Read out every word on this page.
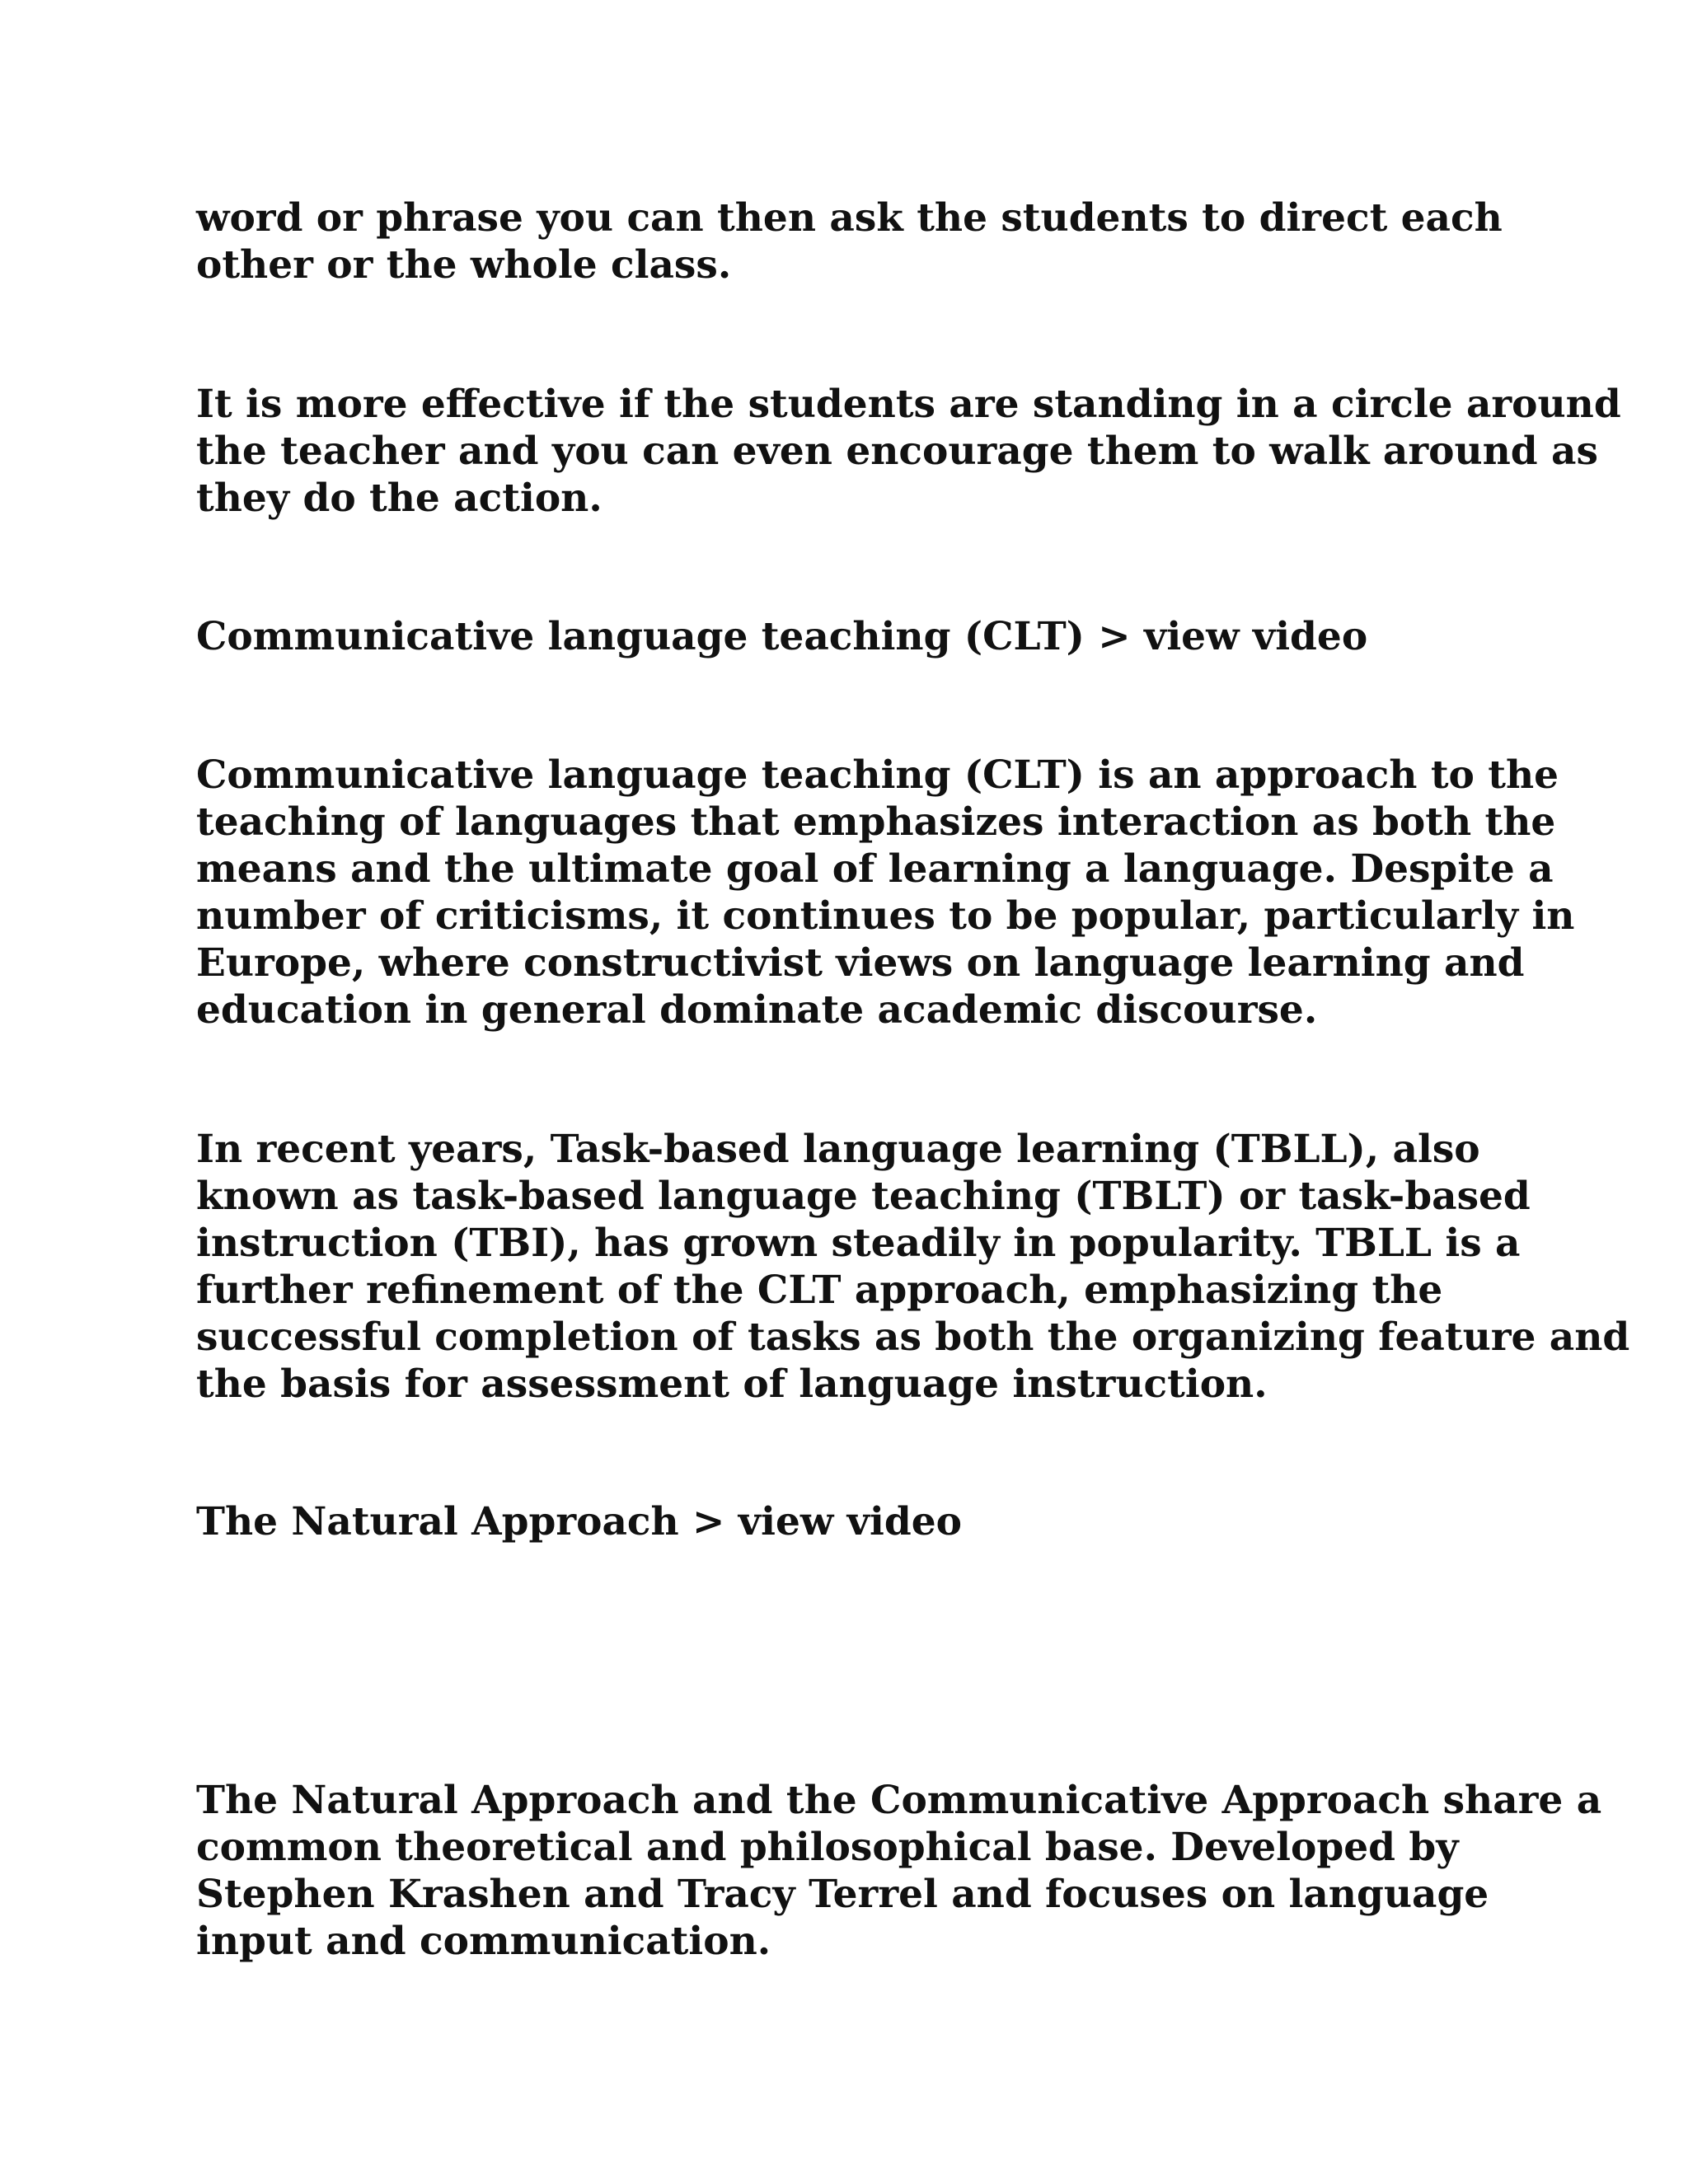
word or phrase you can then ask the students to direct each
other or the whole class.

It is more effective if the students are standing in a circle around
the teacher and you can even encourage them to walk around as
they do the action.

Communicative language teaching (CLT) > view video

Communicative language teaching (CLT) is an approach to the
teaching of languages that emphasizes interaction as both the
means and the ultimate goal of learning a language. Despite a
number of criticisms, it continues to be popular, particularly in
Europe, where constructivist views on language learning and
education in general dominate academic discourse.

In recent years, Task-based language learning (TBLL), also
known as task-based language teaching (TBLT) or task-based
instruction (TBI), has grown steadily in popularity. TBLL is a
further refinement of the CLT approach, emphasizing the
successful completion of tasks as both the organizing feature and
the basis for assessment of language instruction.

The Natural Approach > view video

The Natural Approach and the Communicative Approach share a
common theoretical and philosophical base. Developed by
Stephen Krashen and Tracy Terrel and focuses on language
input and communication.
